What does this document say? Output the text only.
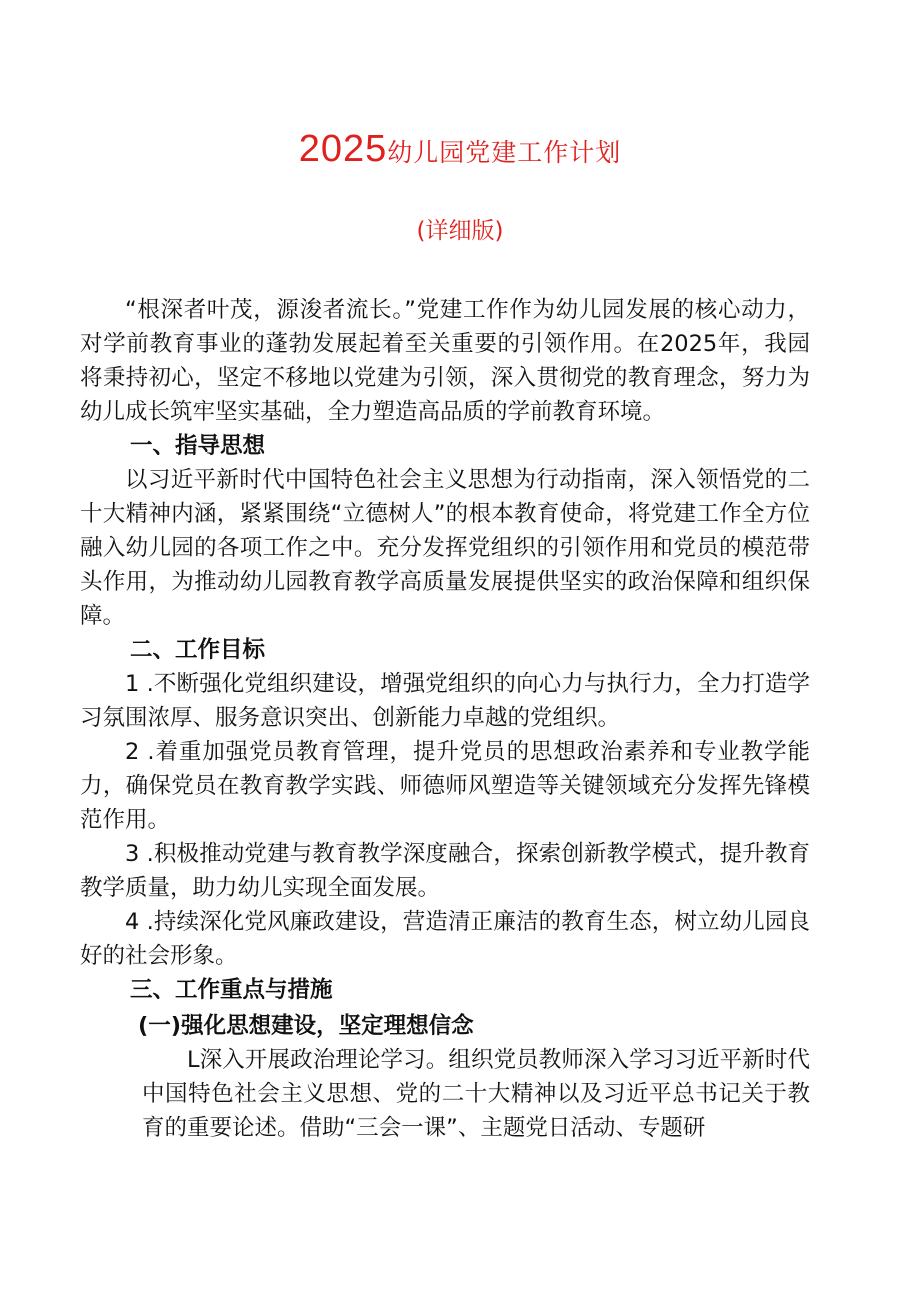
2025幼儿园党建工作计划
(详细版)

“根深者叶茂，源浚者流长。”党建工作作为幼儿园发展的核心动力，对学前教育事业的蓬勃发展起着至关重要的引领作用。在2025年，我园将秉持初心，坚定不移地以党建为引领，深入贯彻党的教育理念，努力为幼儿成长筑牢坚实基础，全力塑造高品质的学前教育环境。

一、指导思想

以习近平新时代中国特色社会主义思想为行动指南，深入领悟党的二十大精神内涵，紧紧围绕“立德树人”的根本教育使命，将党建工作全方位融入幼儿园的各项工作之中。充分发挥党组织的引领作用和党员的模范带头作用，为推动幼儿园教育教学高质量发展提供坚实的政治保障和组织保障。

二、工作目标

1 .不断强化党组织建设，增强党组织的向心力与执行力，全力打造学习氛围浓厚、服务意识突出、创新能力卓越的党组织。

2 .着重加强党员教育管理，提升党员的思想政治素养和专业教学能力，确保党员在教育教学实践、师德师风塑造等关键领域充分发挥先锋模范作用。

3 .积极推动党建与教育教学深度融合，探索创新教学模式，提升教育教学质量，助力幼儿实现全面发展。

4 .持续深化党风廉政建设，营造清正廉洁的教育生态，树立幼儿园良好的社会形象。

三、工作重点与措施

(一)强化思想建设，坚定理想信念

L深入开展政治理论学习。组织党员教师深入学习习近平新时代中国特色社会主义思想、党的二十大精神以及习近平总书记关于教育的重要论述。借助“三会一课”、主题党日活动、专题研
